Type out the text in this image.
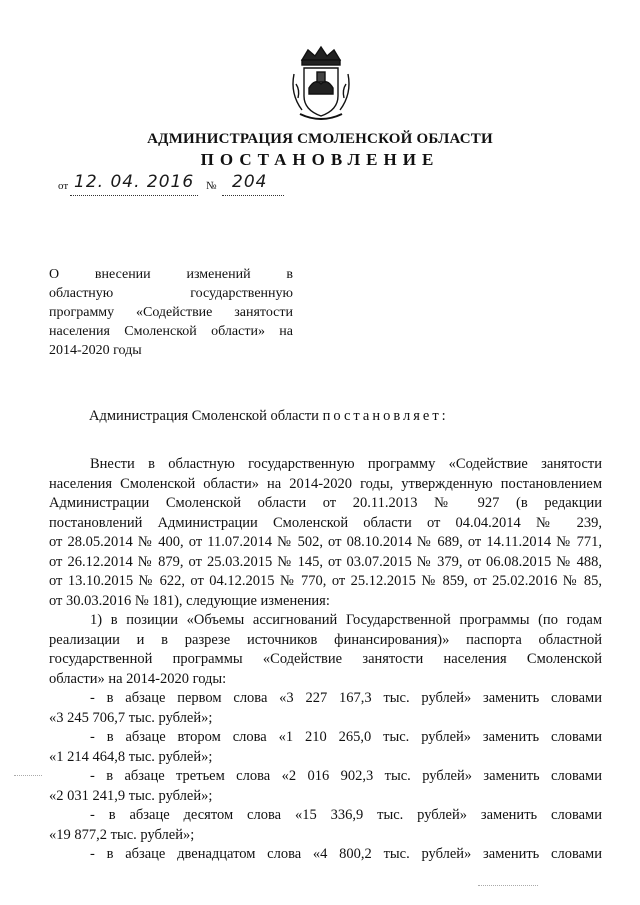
АДМИНИСТРАЦИЯ СМОЛЕНСКОЙ ОБЛАСТИ
ПОСТАНОВЛЕНИЕ
от 12. 04. 2016 № 204
О внесении изменений в
областную государственную
программу «Содействие занятости
населения Смоленской области» на
2014-2020 годы
Администрация Смоленской области постановляет:
Внести в областную государственную программу «Содействие занятости
населения Смоленской области» на 2014-2020 годы, утвержденную постановлением
Администрации Смоленской области от 20.11.2013 № 927 (в редакции
постановлений Администрации Смоленской области от 04.04.2014 № 239,
от 28.05.2014 № 400, от 11.07.2014 № 502, от 08.10.2014 № 689, от 14.11.2014 № 771,
от 26.12.2014 № 879, от 25.03.2015 № 145, от 03.07.2015 № 379, от 06.08.2015 № 488,
от 13.10.2015 № 622, от 04.12.2015 № 770, от 25.12.2015 № 859, от 25.02.2016 № 85,
от 30.03.2016 № 181), следующие изменения:
1) в позиции «Объемы ассигнований Государственной программы (по годам
реализации и в разрезе источников финансирования)» паспорта областной
государственной программы «Содействие занятости населения Смоленской
области» на 2014-2020 годы:
- в абзаце первом слова «3 227 167,3 тыс. рублей» заменить словами
«3 245 706,7 тыс. рублей»;
- в абзаце втором слова «1 210 265,0 тыс. рублей» заменить словами
«1 214 464,8 тыс. рублей»;
- в абзаце третьем слова «2 016 902,3 тыс. рублей» заменить словами
«2 031 241,9 тыс. рублей»;
- в абзаце десятом слова «15 336,9 тыс. рублей» заменить словами
«19 877,2 тыс. рублей»;
- в абзаце двенадцатом слова «4 800,2 тыс. рублей» заменить словами
